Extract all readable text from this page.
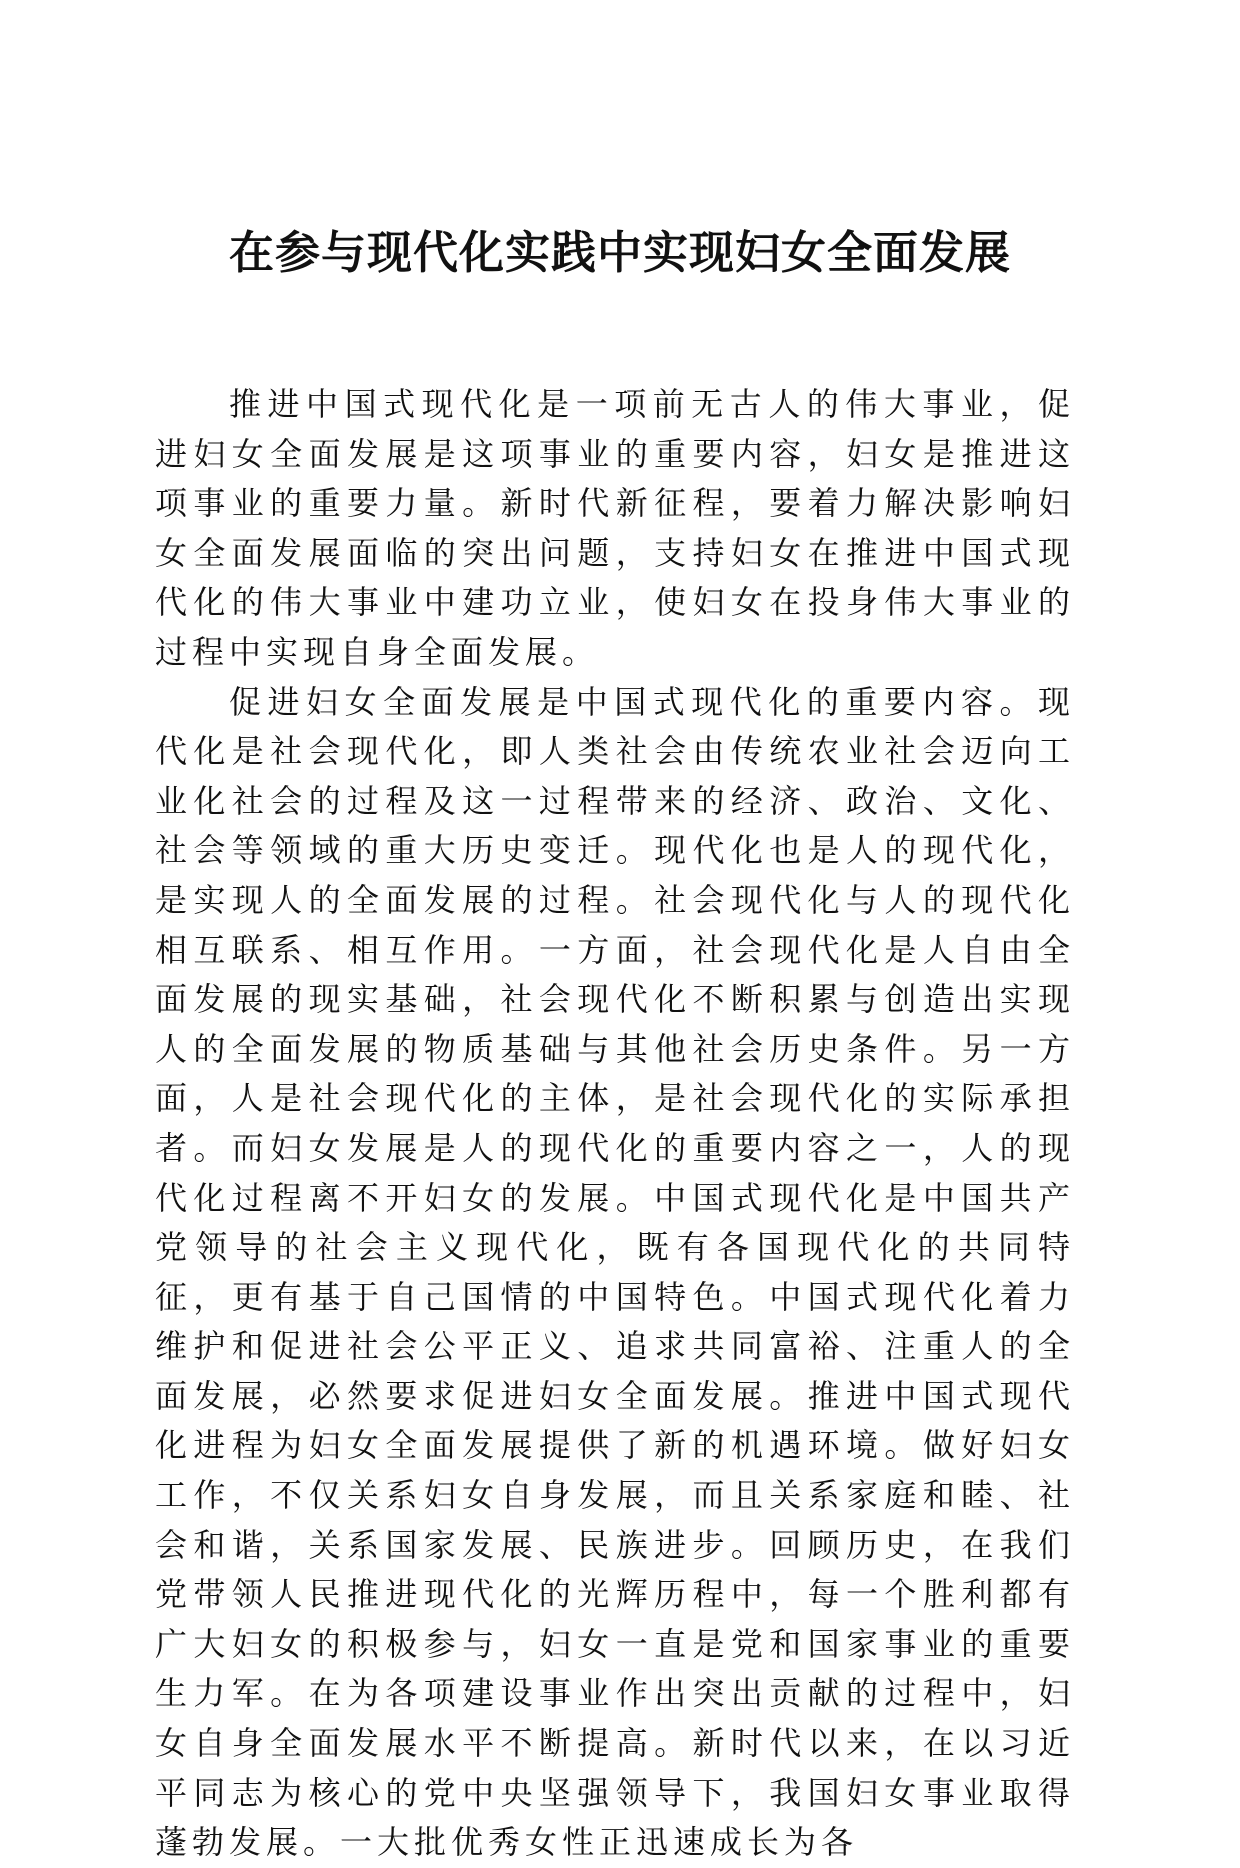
在参与现代化实践中实现妇女全面发展

推进中国式现代化是一项前无古人的伟大事业，促进妇女全面发展是这项事业的重要内容，妇女是推进这项事业的重要力量。新时代新征程，要着力解决影响妇女全面发展面临的突出问题，支持妇女在推进中国式现代化的伟大事业中建功立业，使妇女在投身伟大事业的过程中实现自身全面发展。

促进妇女全面发展是中国式现代化的重要内容。现代化是社会现代化，即人类社会由传统农业社会迈向工业化社会的过程及这一过程带来的经济、政治、文化、社会等领域的重大历史变迁。现代化也是人的现代化，是实现人的全面发展的过程。社会现代化与人的现代化相互联系、相互作用。一方面，社会现代化是人自由全面发展的现实基础，社会现代化不断积累与创造出实现人的全面发展的物质基础与其他社会历史条件。另一方面，人是社会现代化的主体，是社会现代化的实际承担者。而妇女发展是人的现代化的重要内容之一，人的现代化过程离不开妇女的发展。中国式现代化是中国共产党领导的社会主义现代化，既有各国现代化的共同特征，更有基于自己国情的中国特色。中国式现代化着力维护和促进社会公平正义、追求共同富裕、注重人的全面发展，必然要求促进妇女全面发展。推进中国式现代化进程为妇女全面发展提供了新的机遇环境。做好妇女工作，不仅关系妇女自身发展，而且关系家庭和睦、社会和谐，关系国家发展、民族进步。回顾历史，在我们党带领人民推进现代化的光辉历程中，每一个胜利都有广大妇女的积极参与，妇女一直是党和国家事业的重要生力军。在为各项建设事业作出突出贡献的过程中，妇女自身全面发展水平不断提高。新时代以来，在以习近平同志为核心的党中央坚强领导下，我国妇女事业取得蓬勃发展。一大批优秀女性正迅速成长为各
